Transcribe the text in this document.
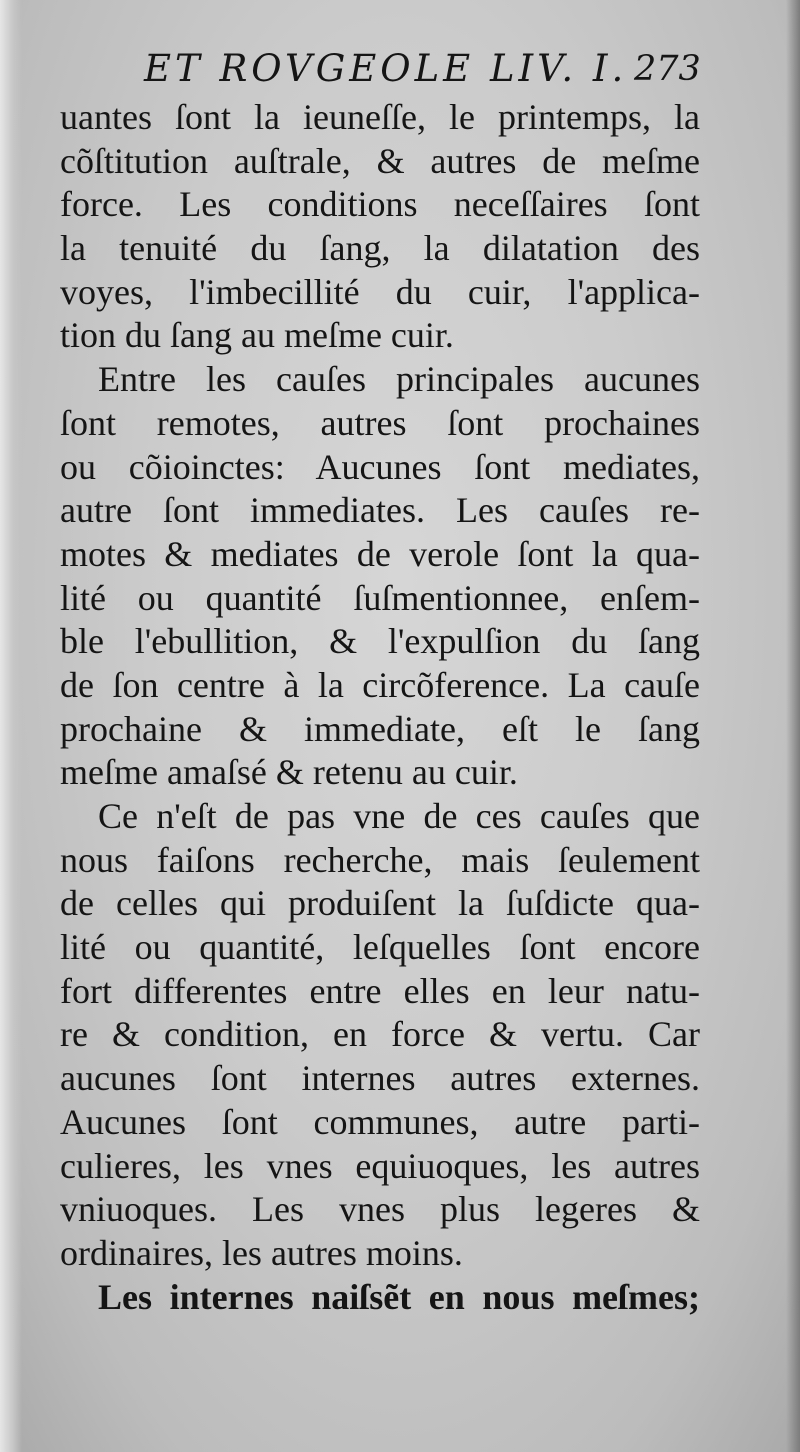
ET ROVGEOLE LIV. I. 273
uantes ſont la ieuneſſe, le printemps, la
cõſtitution auſtrale, & autres de meſme
force. Les conditions neceſſaires ſont
la tenuité du ſang, la dilatation des
voyes, l'imbecillité du cuir, l'applica-
tion du ſang au meſme cuir.
Entre les cauſes principales aucunes
ſont remotes, autres ſont prochaines
ou cõioinctes: Aucunes ſont mediates,
autre ſont immediates. Les cauſes re-
motes & mediates de verole ſont la qua-
lité ou quantité ſuſmentionnee, enſem-
ble l'ebullition, & l'expulſion du ſang
de ſon centre à la circõference. La cauſe
prochaine & immediate, eſt le ſang
meſme amaſsé & retenu au cuir.
Ce n'eſt de pas vne de ces cauſes que
nous faiſons recherche, mais ſeulement
de celles qui produiſent la ſuſdicte qua-
lité ou quantité, leſquelles ſont encore
fort differentes entre elles en leur natu-
re & condition, en force & vertu. Car
aucunes ſont internes autres externes.
Aucunes ſont communes, autre parti-
culieres, les vnes equiuoques, les autres
vniuoques. Les vnes plus legeres &
ordinaires, les autres moins.
Les internes naiſsẽt en nous meſmes;
